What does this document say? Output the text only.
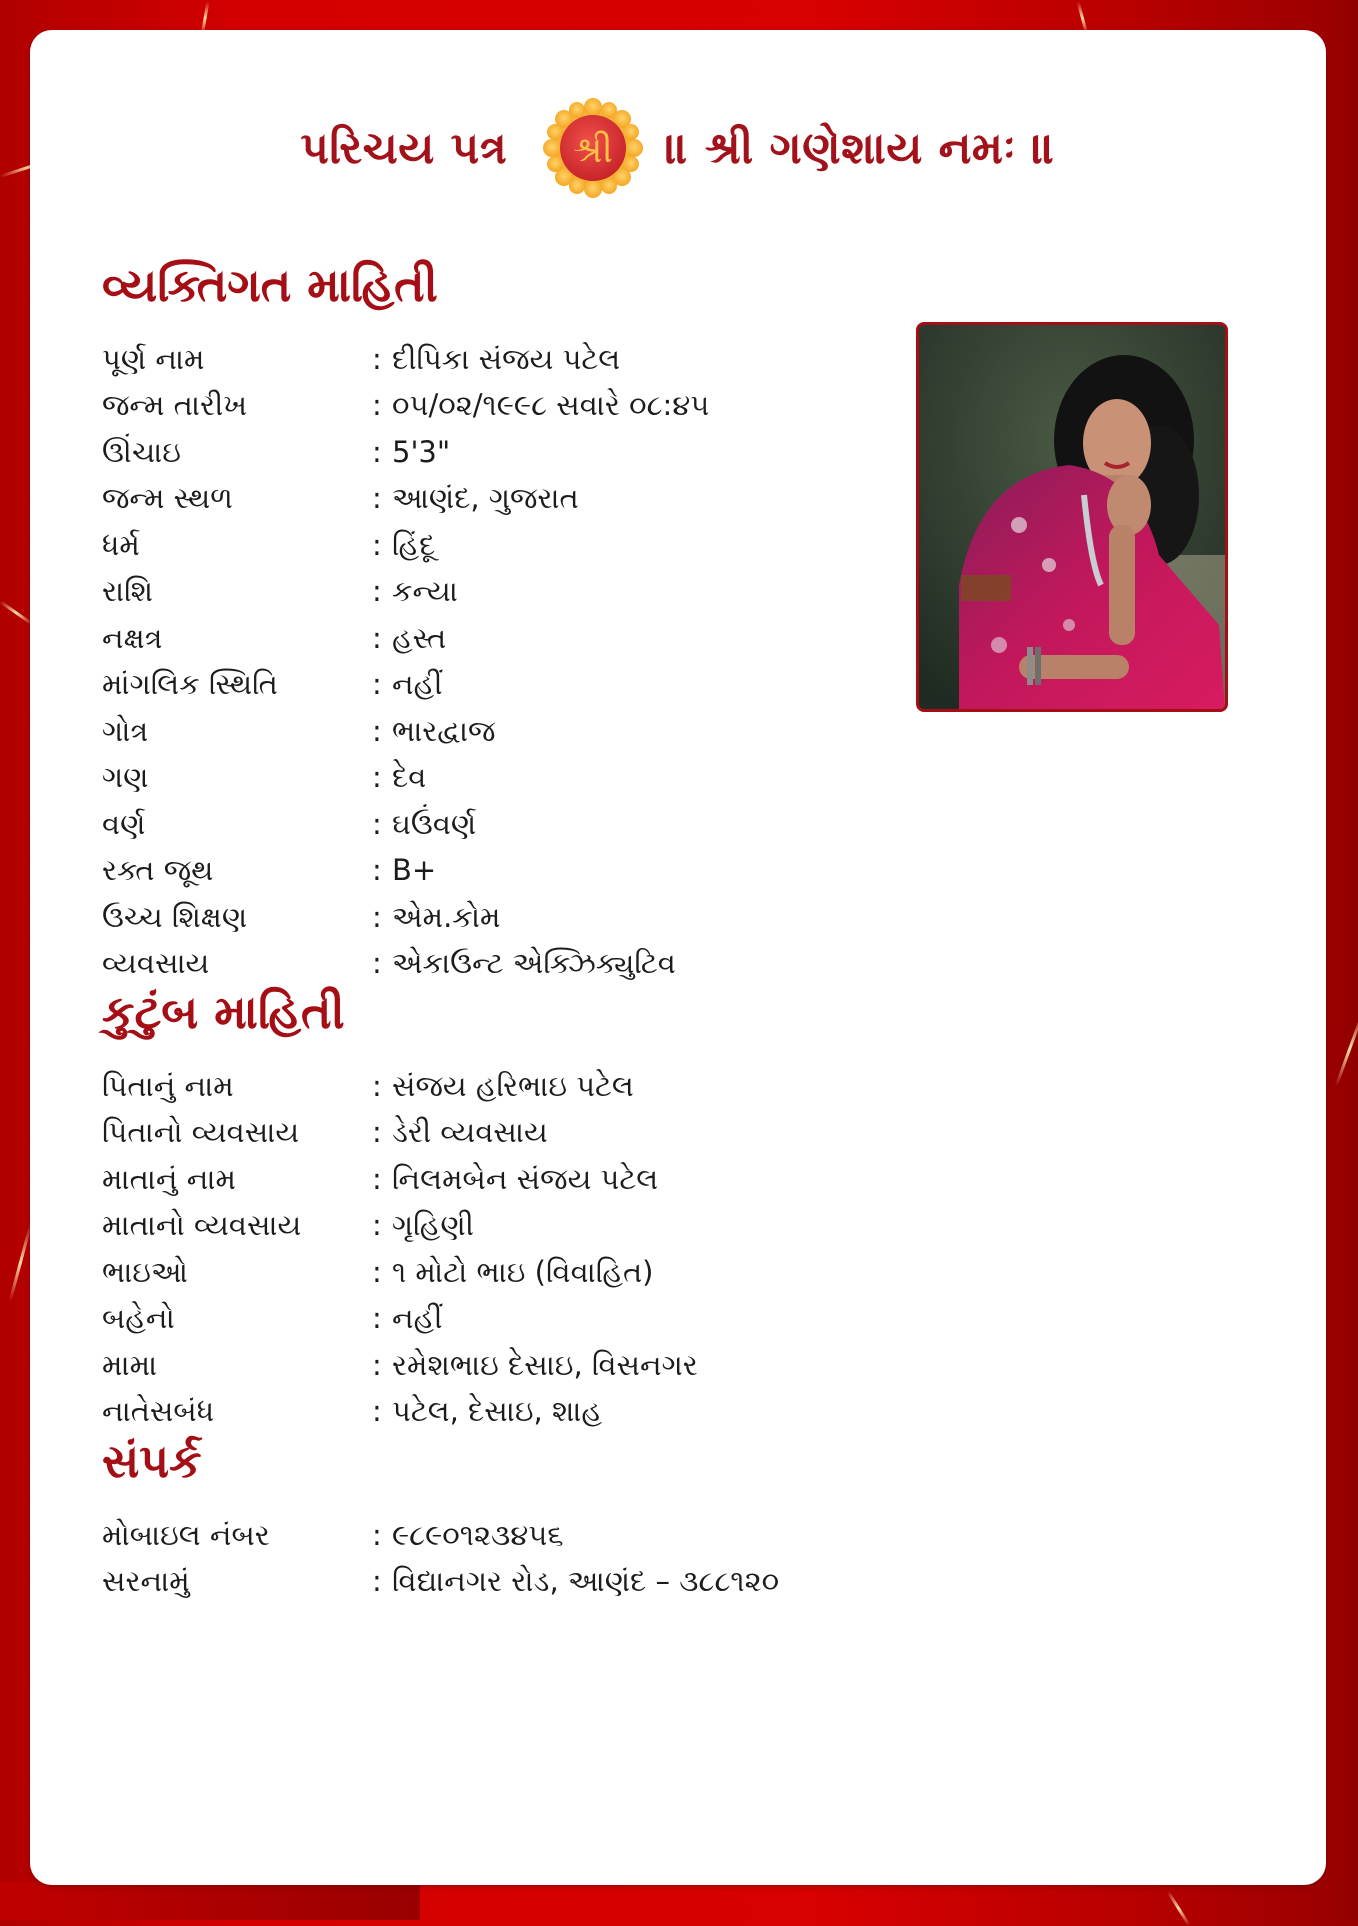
પરિચય પત્ર શ્રી ॥ શ્રી ગણેશાય નમઃ ॥
વ્યક્તિગત માહિતી
પૂર્ણ નામ	: દીપિકા સંજય પટેલ
જન્મ તારીખ	: ૦૫/૦૨/૧૯૯૮ સવારે ૦૮:૪૫
ઊંચાઇ	: 5'3"
જન્મ સ્થળ	: આણંદ, ગુજરાત
ધર્મ	: હિંદૂ
રાશિ	: કન્યા
નક્ષત્ર	: હસ્ત
માંગલિક સ્થિતિ	: નહીં
ગોત્ર	: ભારદ્વાજ
ગણ	: દેવ
વર્ણ	: ઘઉંવર્ણ
રક્ત જૂથ	: B+
ઉચ્ચ શિક્ષણ	: એમ.કોમ
વ્યવસાય	: એકાઉન્ટ એક્ઝિક્યુટિવ
કુટુંબ માહિતી
પિતાનું નામ	: સંજય હરિભાઇ પટેલ
પિતાનો વ્યવસાય	: ડેરી વ્યવસાય
માતાનું નામ	: નિલમબેન સંજય પટેલ
માતાનો વ્યવસાય : ગૃહિણી
ભાઇઓ	: ૧ મોટો ભાઇ (વિવાહિત)
બહેનો	: નહીં
મામા	: રમેશભાઇ દેસાઇ, વિસનગર
નાતેસબંધ	: પટેલ, દેસાઇ, શાહ
સંપર્ક
મોબાઇલ નંબર	: ૯૮૯૦૧૨૩૪૫૬
સરનામું	: વિદ્યાનગર રોડ, આણંદ – ૩૮૮૧૨૦
